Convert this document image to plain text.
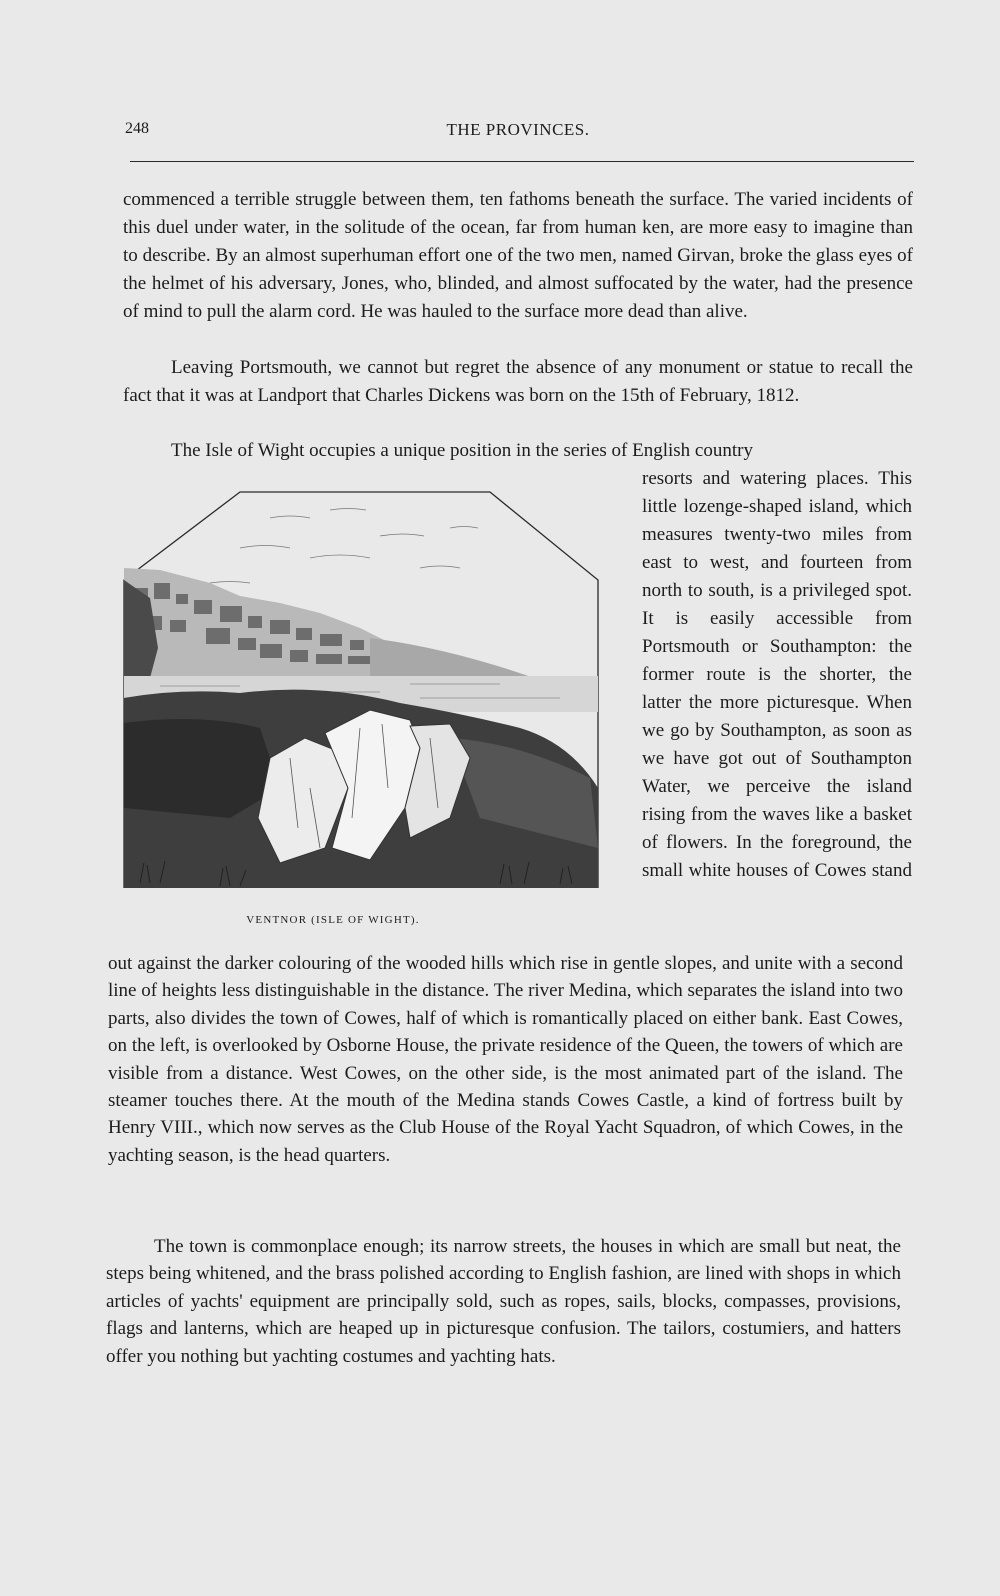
248	THE PROVINCES.

commenced a terrible struggle between them, ten fathoms beneath the surface. The varied incidents of this duel under water, in the solitude of the ocean, far from human ken, are more easy to imagine than to describe. By an almost superhuman effort one of the two men, named Girvan, broke the glass eyes of the helmet of his adversary, Jones, who, blinded, and almost suffocated by the water, had the presence of mind to pull the alarm cord. He was hauled to the surface more dead than alive.

Leaving Portsmouth, we cannot but regret the absence of any monument or statue to recall the fact that it was at Landport that Charles Dickens was born on the 15th of February, 1812.

The Isle of Wight occupies a unique position in the series of English country

resorts and watering places. This little lozenge-shaped island, which measures twenty-two miles from east to west, and fourteen from north to south, is a privileged spot. It is easily accessible from Portsmouth or Southampton: the former route is the shorter, the latter the more picturesque. When we go by Southampton, as soon as we have got out of Southampton Water, we perceive the island rising from the waves like a basket of flowers. In the foreground, the small white houses of Cowes stand

VENTNOR (ISLE OF WIGHT).

out against the darker colouring of the wooded hills which rise in gentle slopes, and unite with a second line of heights less distinguishable in the distance. The river Medina, which separates the island into two parts, also divides the town of Cowes, half of which is romantically placed on either bank. East Cowes, on the left, is overlooked by Osborne House, the private residence of the Queen, the towers of which are visible from a distance. West Cowes, on the other side, is the most animated part of the island. The steamer touches there. At the mouth of the Medina stands Cowes Castle, a kind of fortress built by Henry VIII., which now serves as the Club House of the Royal Yacht Squadron, of which Cowes, in the yachting season, is the head quarters.

The town is commonplace enough; its narrow streets, the houses in which are small but neat, the steps being whitened, and the brass polished according to English fashion, are lined with shops in which articles of yachts' equipment are principally sold, such as ropes, sails, blocks, compasses, provisions, flags and lanterns, which are heaped up in picturesque confusion. The tailors, costumiers, and hatters offer you nothing but yachting costumes and yachting hats.
